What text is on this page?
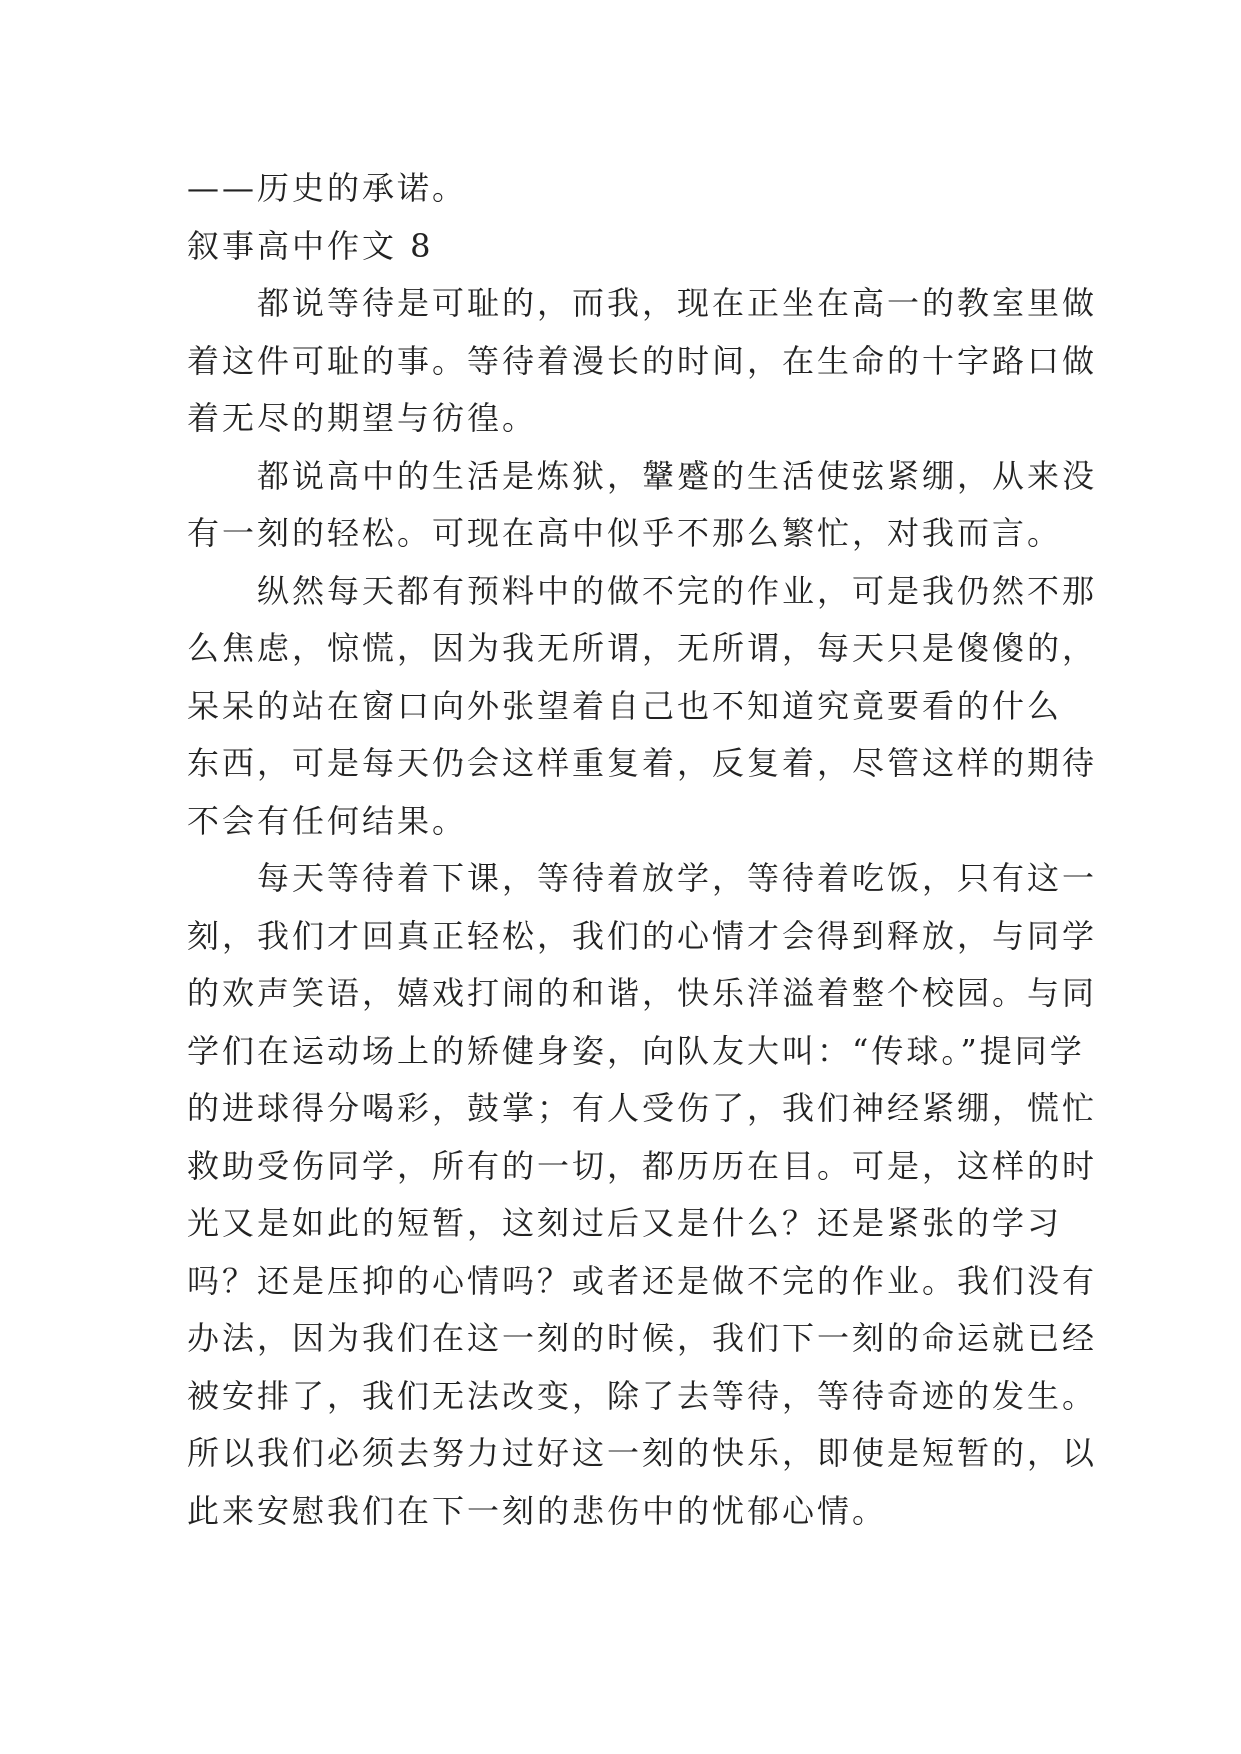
——历史的承诺。

叙事高中作文 8

　　都说等待是可耻的，而我，现在正坐在高一的教室里做

着这件可耻的事。等待着漫长的时间，在生命的十字路口做

着无尽的期望与彷徨。

　　都说高中的生活是炼狱，鞶蹙的生活使弦紧绷，从来没

有一刻的轻松。可现在高中似乎不那么繁忙，对我而言。

　　纵然每天都有预料中的做不完的作业，可是我仍然不那

么焦虑，惊慌，因为我无所谓，无所谓，每天只是傻傻的，

呆呆的站在窗口向外张望着自己也不知道究竟要看的什么

东西，可是每天仍会这样重复着，反复着，尽管这样的期待

不会有任何结果。

　　每天等待着下课，等待着放学，等待着吃饭，只有这一

刻，我们才回真正轻松，我们的心情才会得到释放，与同学

的欢声笑语，嬉戏打闹的和谐，快乐洋溢着整个校园。与同

学们在运动场上的矫健身姿，向队友大叫：“传球。”提同学

的进球得分喝彩，鼓掌；有人受伤了，我们神经紧绷，慌忙

救助受伤同学，所有的一切，都历历在目。可是，这样的时

光又是如此的短暂，这刻过后又是什么？还是紧张的学习

吗？还是压抑的心情吗？或者还是做不完的作业。我们没有

办法，因为我们在这一刻的时候，我们下一刻的命运就已经

被安排了，我们无法改变，除了去等待，等待奇迹的发生。

所以我们必须去努力过好这一刻的快乐，即使是短暂的，以

此来安慰我们在下一刻的悲伤中的忧郁心情。
